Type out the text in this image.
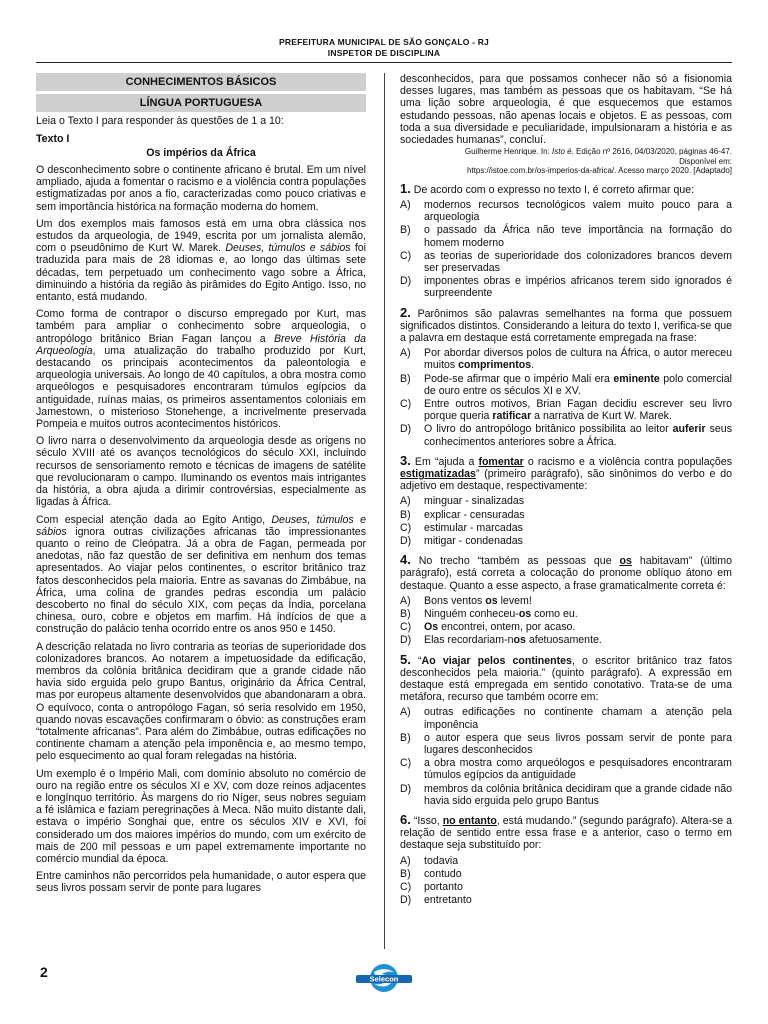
PREFEITURA MUNICIPAL DE SÃO GONÇALO - RJ
INSPETOR DE DISCIPLINA
CONHECIMENTOS BÁSICOS
LÍNGUA PORTUGUESA

Leia o Texto I para responder às questões de 1 a 10:

Texto I
Os impérios da África

O desconhecimento sobre o continente africano é brutal. Em um nível ampliado, ajuda a fomentar o racismo e a violência contra populações estigmatizadas por anos a fio, caracterizadas como pouco criativas e sem importância histórica na formação moderna do homem.

Um dos exemplos mais famosos está em uma obra clássica nos estudos da arqueologia, de 1949, escrita por um jornalista alemão, com o pseudônimo de Kurt W. Marek. Deuses, túmulos e sábios foi traduzida para mais de 28 idiomas e, ao longo das últimas sete décadas, tem perpetuado um conhecimento vago sobre a África, diminuindo a história da região às pirâmides do Egito Antigo. Isso, no entanto, está mudando.

Como forma de contrapor o discurso empregado por Kurt, mas também para ampliar o conhecimento sobre arqueologia, o antropólogo britânico Brian Fagan lançou a Breve História da Arqueologia, uma atualização do trabalho produzido por Kurt, destacando os principais acontecimentos da paleontologia e arqueologia universais. Ao longo de 40 capítulos, a obra mostra como arqueólogos e pesquisadores encontraram túmulos egípcios da antiguidade, ruínas maias, os primeiros assentamentos coloniais em Jamestown, o misterioso Stonehenge, a incrivelmente preservada Pompeia e muitos outros acontecimentos históricos.

O livro narra o desenvolvimento da arqueologia desde as origens no século XVIII até os avanços tecnológicos do século XXI, incluindo recursos de sensoriamento remoto e técnicas de imagens de satélite que revolucionaram o campo. Iluminando os eventos mais intrigantes da história, a obra ajuda a dirimir controvérsias, especialmente as ligadas à África.

Com especial atenção dada ao Egito Antigo, Deuses, túmulos e sábios ignora outras civilizações africanas tão impressionantes quanto o reino de Cleópatra. Já a obra de Fagan, permeada por anedotas, não faz questão de ser definitiva em nenhum dos temas apresentados. Ao viajar pelos continentes, o escritor britânico traz fatos desconhecidos pela maioria. Entre as savanas do Zimbábue, na África, uma colina de grandes pedras escondia um palácio descoberto no final do século XIX, com peças da Índia, porcelana chinesa, ouro, cobre e objetos em marfim. Há indícios de que a construção do palácio tenha ocorrido entre os anos 950 e 1450.

A descrição relatada no livro contraria as teorias de superioridade dos colonizadores brancos. Ao notarem a impetuosidade da edificação, membros da colônia britânica decidiram que a grande cidade não havia sido erguida pelo grupo Bantus, originário da África Central, mas por europeus altamente desenvolvidos que abandonaram a obra. O equívoco, conta o antropólogo Fagan, só seria resolvido em 1950, quando novas escavações confirmaram o óbvio: as construções eram “totalmente africanas”. Para além do Zimbábue, outras edificações no continente chamam a atenção pela imponência e, ao mesmo tempo, pelo esquecimento ao qual foram relegadas na história.

Um exemplo é o Império Mali, com domínio absoluto no comércio de ouro na região entre os séculos XI e XV, com doze reinos adjacentes e longínquo território. Às margens do rio Níger, seus nobres seguiam a fé islâmica e faziam peregrinações à Meca. Não muito distante dali, estava o império Songhai que, entre os séculos XIV e XVI, foi considerado um dos maiores impérios do mundo, com um exército de mais de 200 mil pessoas e um papel extremamente importante no comércio mundial da época.

Entre caminhos não percorridos pela humanidade, o autor espera que seus livros possam servir de ponte para lugares

desconhecidos, para que possamos conhecer não só a fisionomia desses lugares, mas também as pessoas que os habitavam. “Se há uma lição sobre arqueologia, é que esquecemos que estamos estudando pessoas, não apenas locais e objetos. E as pessoas, com toda a sua diversidade e peculiaridade, impulsionaram a história e as sociedades humanas”, concluí.

Guilherme Henrique. In: Isto é. Edição nº 2616, 04/03/2020, páginas 46-47.
Disponível em:
https://istoe.com.br/os-imperios-da-africa/. Acesso março 2020. [Adaptado]
1. De acordo com o expresso no texto I, é correto afirmar que:
A)	modernos recursos tecnológicos valem muito pouco para a arqueologia
B)	o passado da África não teve importância na formação do homem moderno
C)	as teorias de superioridade dos colonizadores brancos devem ser preservadas
D)	imponentes obras e impérios africanos terem sido ignorados é surpreendente
2. Parônimos são palavras semelhantes na forma que possuem significados distintos. Considerando a leitura do texto I, verifica-se que a palavra em destaque está corretamente empregada na frase:
A)	Por abordar diversos polos de cultura na África, o autor mereceu muitos comprimentos.
B)	Pode-se afirmar que o império Mali era eminente polo comercial de ouro entre os séculos XI e XV.
C)	Entre outros motivos, Brian Fagan decidiu escrever seu livro porque queria ratificar a narrativa de Kurt W. Marek.
D)	O livro do antropólogo britânico possibilita ao leitor auferir seus conhecimentos anteriores sobre a África.
3. Em “ajuda a fomentar o racismo e a violência contra populações estigmatizadas” (primeiro parágrafo), são sinônimos do verbo e do adjetivo em destaque, respectivamente:
A)	minguar - sinalizadas
B)	explicar - censuradas
C)	estimular - marcadas
D)	mitigar - condenadas
4. No trecho “também as pessoas que os habitavam” (último parágrafo), está correta a colocação do pronome oblíquo átono em destaque. Quanto a esse aspecto, a frase gramaticalmente correta é:
A)	Bons ventos os levem!
B)	Ninguém conheceu-os como eu.
C)	Os encontrei, ontem, por acaso.
D)	Elas recordariam-nos afetuosamente.
5. “Ao viajar pelos continentes, o escritor britânico traz fatos desconhecidos pela maioria.” (quinto parágrafo). A expressão em destaque está empregada em sentido conotativo. Trata-se de uma metáfora, recurso que também ocorre em:
A)	outras edificações no continente chamam a atenção pela imponência
B)	o autor espera que seus livros possam servir de ponte para lugares desconhecidos
C)	a obra mostra como arqueólogos e pesquisadores encontraram túmulos egípcios da antiguidade
D)	membros da colônia britânica decidiram que a grande cidade não havia sido erguida pelo grupo Bantus
6. “Isso, no entanto, está mudando.” (segundo parágrafo). Altera-se a relação de sentido entre essa frase e a anterior, caso o termo em destaque seja substituído por:
A)	todavia
B)	contudo
C)	portanto
D)	entretanto
2	Selecon
